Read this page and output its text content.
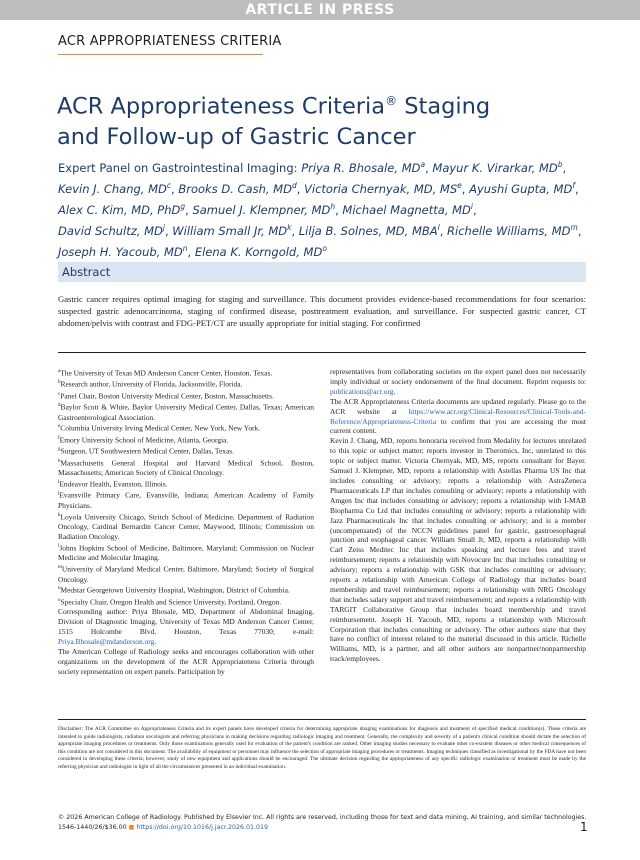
ARTICLE IN PRESS
ACR APPROPRIATENESS CRITERIA
ACR Appropriateness Criteria® Staging
and Follow-up of Gastric Cancer
Expert Panel on Gastrointestinal Imaging: Priya R. Bhosale, $MD^a$, Mayur K. Virarkar, $MD^b$,
Kevin J. Chang, $MD^c$, Brooks D. Cash, $MD^d$, Victoria Chernyak, MD, $MS^e$, Ayushi Gupta, $MD^f$,
Alex C. Kim, MD, PhD$^g$, Samuel J. Klempner, $MD^h$, Michael Magnetta, $MD^i$,
David Schultz, $MD^j$, William Small Jr, $MD^k$, Lilja B. Solnes, MD, MBA$^l$, Richelle Williams, $MD^m$,
Joseph H. Yacoub, $MD^n$, Elena K. Korngold, $MD^o$
Abstract
Gastric cancer requires optimal imaging for staging and surveillance. This document provides evidence-based recommendations for four scenarios: suspected gastric adenocarcinoma, staging of confirmed disease, posttreatment evaluation, and surveillance. For suspected gastric cancer, CT abdomen/pelvis with contrast and FDG-PET/CT are usually appropriate for initial staging. For confirmed

$^a$The University of Texas MD Anderson Cancer Center, Houston, Texas.

$^b$Research author, University of Florida, Jacksonville, Florida.

$^c$Panel Chair, Boston University Medical Center, Boston, Massachusetts.

$^d$Baylor Scott & White, Baylor University Medical Center, Dallas, Texas; American Gastroenterological Association.

$^e$Columbia University Irving Medical Center, New York, New York.

$^f$Emory University School of Medicine, Atlanta, Georgia.

$^g$Surgeon, UT Southwestern Medical Center, Dallas, Texas.

$^h$Massachusetts General Hospital and Harvard Medical School, Boston, Massachusetts; American Society of Clinical Oncology.

$^i$Endeavor Health, Evanston, Illinois.

$^j$Evansville Primary Care, Evansville, Indiana; American Academy of Family Physicians.

$^k$Loyola University Chicago, Stritch School of Medicine, Department of Radiation Oncology, Cardinal Bernardin Cancer Center, Maywood, Illinois; Commission on Radiation Oncology.

$^l$Johns Hopkins School of Medicine, Baltimore, Maryland; Commission on Nuclear Medicine and Molecular Imaging.

$^m$University of Maryland Medical Center, Baltimore, Maryland; Society of Surgical Oncology.

$^n$Medstar Georgetown University Hospital, Washington, District of Columbia.

$^o$Specialty Chair, Oregon Health and Science University, Portland, Oregon.

Corresponding author: Priya Bhosale, MD, Department of Abdominal Imaging, Division of Diagnostic Imaging, University of Texas MD Anderson Cancer Center, 1515 Holcombe Blvd, Houston, Texas 77030; e-mail: Priya.Bhosale@mdanderson.org.

The American College of Radiology seeks and encourages collaboration with other organizations on the development of the ACR Appropriateness Criteria through society representation on expert panels. Participation by

representatives from collaborating societies on the expert panel does not necessarily imply individual or society endorsement of the final document. Reprint requests to: publications@acr.org.

The ACR Appropriateness Criteria documents are updated regularly. Please go to the ACR website at https://www.acr.org/Clinical-Resources/Clinical-Tools-and-Reference/Appropriateness-Criteria to confirm that you are accessing the most current content.

Kevin J. Chang, MD, reports honoraria received from Medality for lectures unrelated to this topic or subject matter; reports investor in Theromics, Inc, unrelated to this topic or subject matter. Victoria Chernyak, MD, MS, reports consultant for Bayer. Samuel J. Klempner, MD, reports a relationship with Astellas Pharma US Inc that includes consulting or advisory; reports a relationship with AstraZeneca Pharmaceuticals LP that includes consulting or advisory; reports a relationship with Amgen Inc that includes consulting or advisory; reports a relationship with I-MAB Biopharma Co Ltd that includes consulting or advisory; reports a relationship with Jazz Pharmaceuticals Inc that includes consulting or advisory; and is a member (uncompensated) of the NCCN guidelines panel for gastric, gastroesophageal junction and esophageal cancer. William Small Jr, MD, reports a relationship with Carl Zeiss Meditec Inc that includes speaking and lecture fees and travel reimbursement; reports a relationship with Novocure Inc that includes consulting or advisory; reports a relationship with GSK that includes consulting or advisory; reports a relationship with American College of Radiology that includes board membership and travel reimbursement; reports a relationship with NRG Oncology that includes salary support and travel reimbursement; and reports a relationship with TARGIT Collaborative Group that includes board membership and travel reimbursement. Joseph H. Yacoub, MD, reports a relationship with Microsoft Corporation that includes consulting or advisory. The other authors state that they have no conflict of interest related to the material discussed in this article. Richelle Williams, MD, is a partner, and all other authors are nonpartner/nonpartnership track/employees.

Disclaimer: The ACR Committee on Appropriateness Criteria and its expert panels have developed criteria for determining appropriate imaging examinations for diagnosis and treatment of specified medical condition(s). These criteria are intended to guide radiologists, radiation oncologists and referring physicians in making decisions regarding radiologic imaging and treatment. Generally, the complexity and severity of a patient's clinical condition should dictate the selection of appropriate imaging procedures or treatments. Only those examinations generally used for evaluation of the patient's condition are ranked. Other imaging studies necessary to evaluate other co-existent diseases or other medical consequences of this condition are not considered in this document. The availability of equipment or personnel may influence the selection of appropriate imaging procedures or treatments. Imaging techniques classified as investigational by the FDA have not been considered in developing these criteria; however, study of new equipment and applications should be encouraged. The ultimate decision regarding the appropriateness of any specific radiologic examination or treatment must be made by the referring physician and radiologist in light of all the circumstances presented in an individual examination.
© 2026 American College of Radiology. Published by Elsevier Inc. All rights are reserved, including those for text and data mining, AI training, and similar technologies.
1546-1440/26/$36.00 ■ https://doi.org/10.1016/j.jacr.2026.01.019	1
